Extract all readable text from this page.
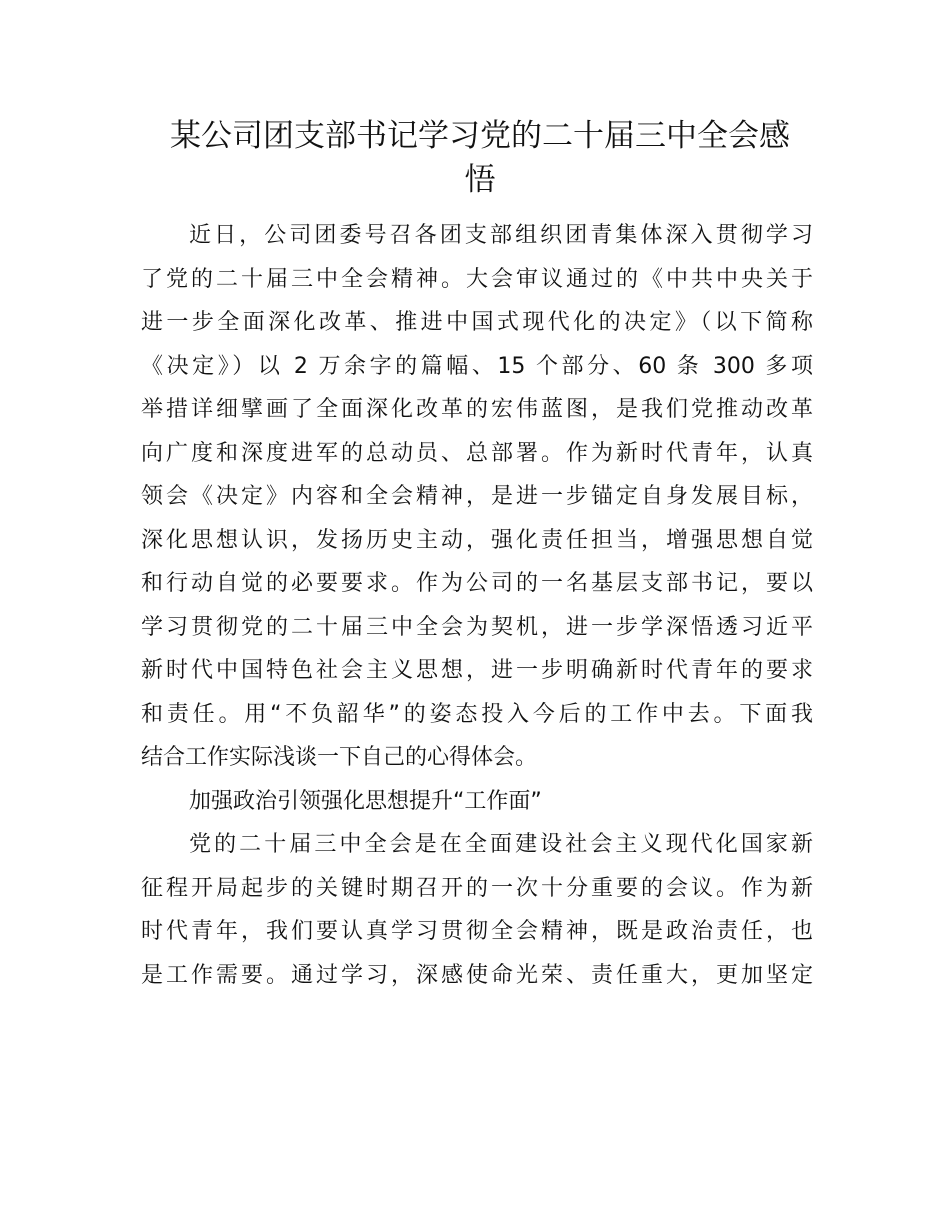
某公司团支部书记学习党的二十届三中全会感
悟
近日，公司团委号召各团支部组织团青集体深入贯彻学习
了党的二十届三中全会精神。大会审议通过的《中共中央关于
进一步全面深化改革、推进中国式现代化的决定》（以下简称
《决定》）以 2 万余字的篇幅、15 个部分、60 条 300 多项
举措详细擘画了全面深化改革的宏伟蓝图，是我们党推动改革
向广度和深度进军的总动员、总部署。作为新时代青年，认真
领会《决定》内容和全会精神，是进一步锚定自身发展目标，
深化思想认识，发扬历史主动，强化责任担当，增强思想自觉
和行动自觉的必要要求。作为公司的一名基层支部书记，要以
学习贯彻党的二十届三中全会为契机，进一步学深悟透习近平
新时代中国特色社会主义思想，进一步明确新时代青年的要求
和责任。用“不负韶华”的姿态投入今后的工作中去。下面我
结合工作实际浅谈一下自己的心得体会。
加强政治引领强化思想提升“工作面”
党的二十届三中全会是在全面建设社会主义现代化国家新
征程开局起步的关键时期召开的一次十分重要的会议。作为新
时代青年，我们要认真学习贯彻全会精神，既是政治责任，也
是工作需要。通过学习，深感使命光荣、责任重大，更加坚定
